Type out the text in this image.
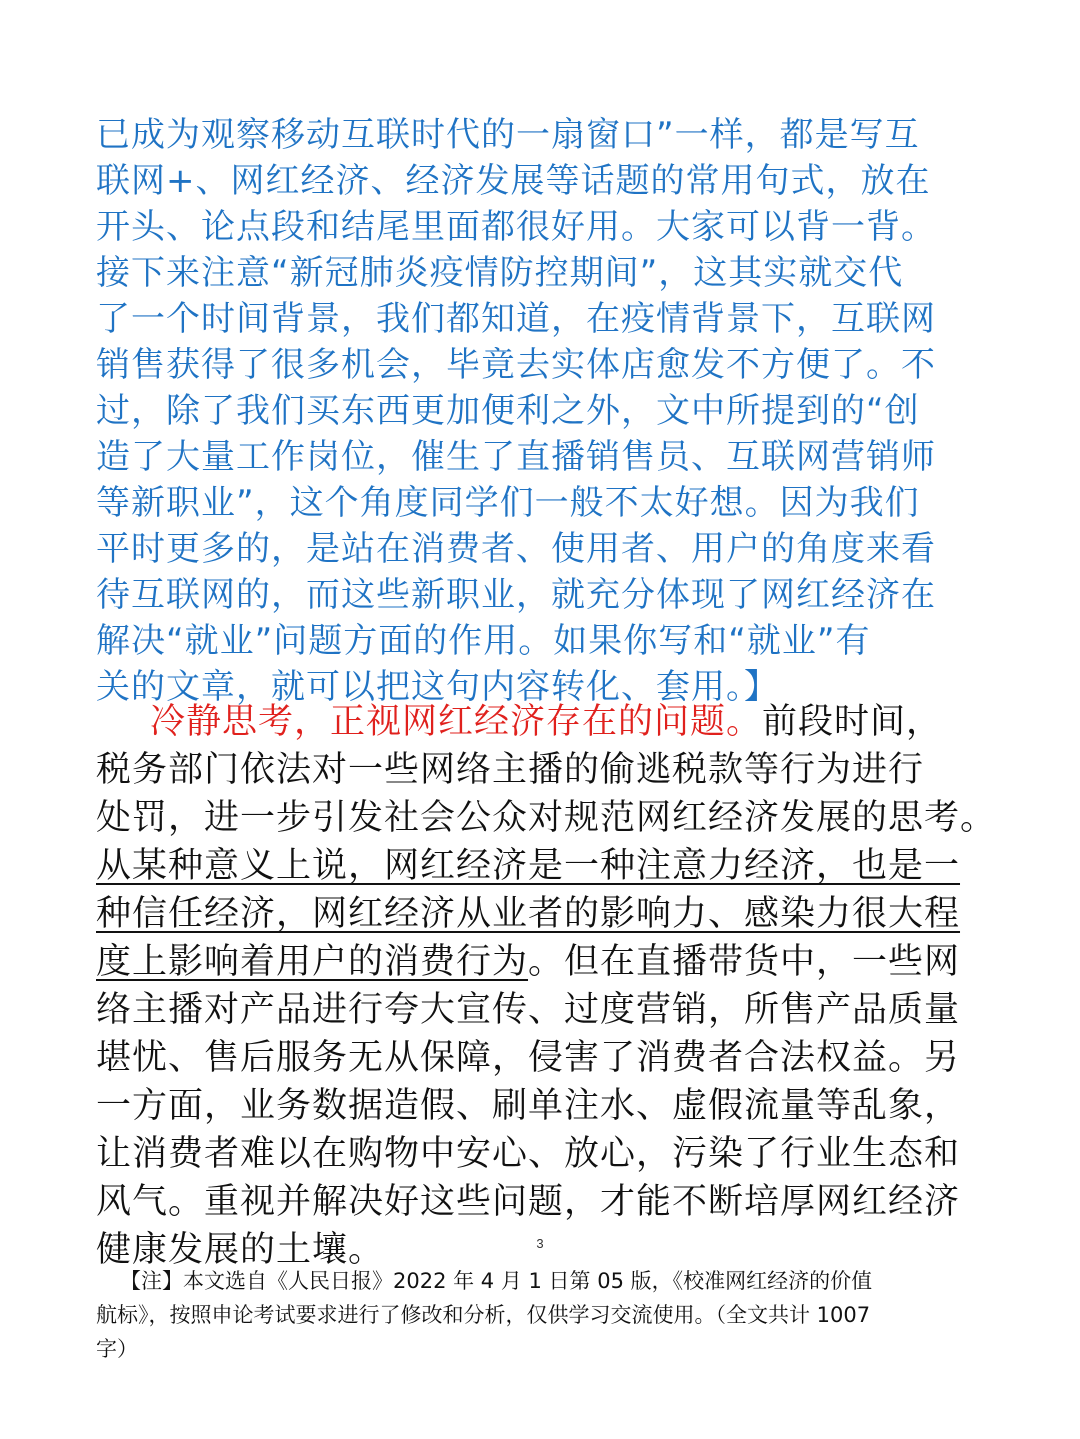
已成为观察移动互联时代的一扇窗口”一样，都是写互
联网+、网红经济、经济发展等话题的常用句式，放在
开头、论点段和结尾里面都很好用。大家可以背一背。
接下来注意“新冠肺炎疫情防控期间”，这其实就交代
了一个时间背景，我们都知道，在疫情背景下，互联网
销售获得了很多机会，毕竟去实体店愈发不方便了。不
过，除了我们买东西更加便利之外，文中所提到的“创
造了大量工作岗位，催生了直播销售员、互联网营销师
等新职业”，这个角度同学们一般不太好想。因为我们
平时更多的，是站在消费者、使用者、用户的角度来看
待互联网的，而这些新职业，就充分体现了网红经济在
解决“就业”问题方面的作用。如果你写和“就业”有
关的文章，就可以把这句内容转化、套用。】
冷静思考，正视网红经济存在的问题。前段时间，
税务部门依法对一些网络主播的偷逃税款等行为进行
处罚，进一步引发社会公众对规范网红经济发展的思考。
从某种意义上说，网红经济是一种注意力经济，也是一
种信任经济，网红经济从业者的影响力、感染力很大程
度上影响着用户的消费行为。但在直播带货中，一些网
络主播对产品进行夸大宣传、过度营销，所售产品质量
堪忧、售后服务无从保障，侵害了消费者合法权益。另
一方面，业务数据造假、刷单注水、虚假流量等乱象，
让消费者难以在购物中安心、放心，污染了行业生态和
风气。重视并解决好这些问题，才能不断培厚网红经济
健康发展的土壤。	3
【注】本文选自《人民日报》2022 年 4 月 1 日第 05 版，《校准网红经济的价值
航标》，按照申论考试要求进行了修改和分析，仅供学习交流使用。（全文共计 1007
字）
